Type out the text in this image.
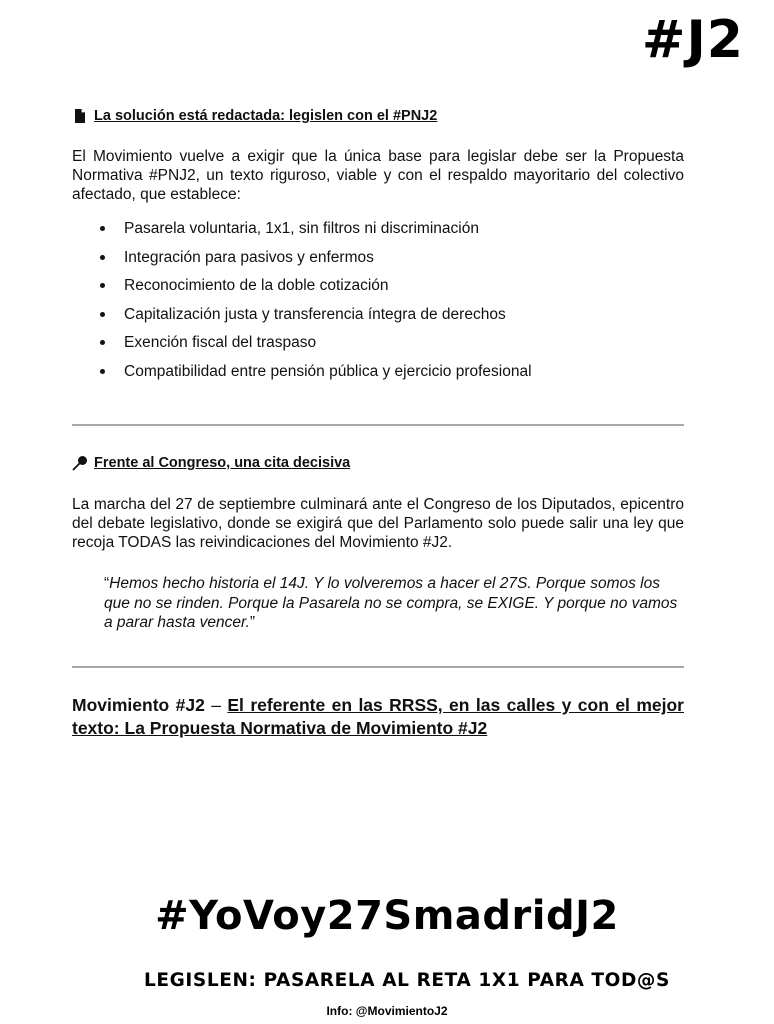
#J2
La solución está redactada: legislen con el #PNJ2

El Movimiento vuelve a exigir que la única base para legislar debe ser la Propuesta Normativa #PNJ2, un texto riguroso, viable y con el respaldo mayoritario del colectivo afectado, que establece:

Pasarela voluntaria, 1x1, sin filtros ni discriminación
Integración para pasivos y enfermos
Reconocimiento de la doble cotización
Capitalización justa y transferencia íntegra de derechos
Exención fiscal del traspaso
Compatibilidad entre pensión pública y ejercicio profesional
Frente al Congreso, una cita decisiva

La marcha del 27 de septiembre culminará ante el Congreso de los Diputados, epicentro del debate legislativo, donde se exigirá que del Parlamento solo puede salir una ley que recoja TODAS las reivindicaciones del Movimiento #J2.

“Hemos hecho historia el 14J. Y lo volveremos a hacer el 27S. Porque somos los que no se rinden. Porque la Pasarela no se compra, se EXIGE. Y porque no vamos a parar hasta vencer.”

Movimiento #J2 – El referente en las RRSS, en las calles y con el mejor texto: La Propuesta Normativa de Movimiento #J2
#YoVoy27SmadridJ2
LEGISLEN: PASARELA AL RETA 1X1 PARA TOD@S
Info: @MovimientoJ2
